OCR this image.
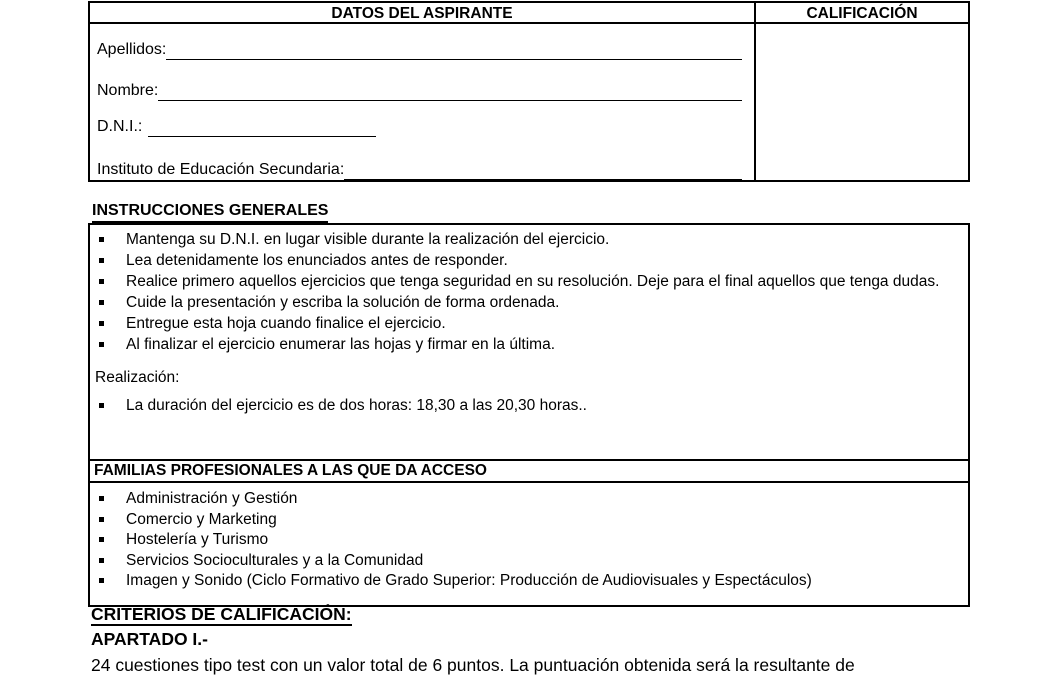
DATOS DEL ASPIRANTE	CALIFICACIÓN
Apellidos:
Nombre:
D.N.I.:
Instituto de Educación Secundaria:
INSTRUCCIONES GENERALES
Mantenga su D.N.I. en lugar visible durante la realización del ejercicio.
Lea detenidamente los enunciados antes de responder.
Realice primero aquellos ejercicios que tenga seguridad en su resolución. Deje para el final aquellos que tenga dudas.
Cuide la presentación y escriba la solución de forma ordenada.
Entregue esta hoja cuando finalice el ejercicio.
Al finalizar el ejercicio enumerar las hojas y firmar en la última.
Realización:
La duración del ejercicio es de dos horas: 18,30 a las 20,30 horas..
FAMILIAS PROFESIONALES A LAS QUE DA ACCESO
Administración y Gestión
Comercio y Marketing
Hostelería y Turismo
Servicios Socioculturales y a la Comunidad
Imagen y Sonido (Ciclo Formativo de Grado Superior: Producción de Audiovisuales y Espectáculos)
CRITERIOS DE CALIFICACIÓN:
APARTADO I.-
24 cuestiones tipo test con un valor total de 6 puntos. La puntuación obtenida será la resultante de
